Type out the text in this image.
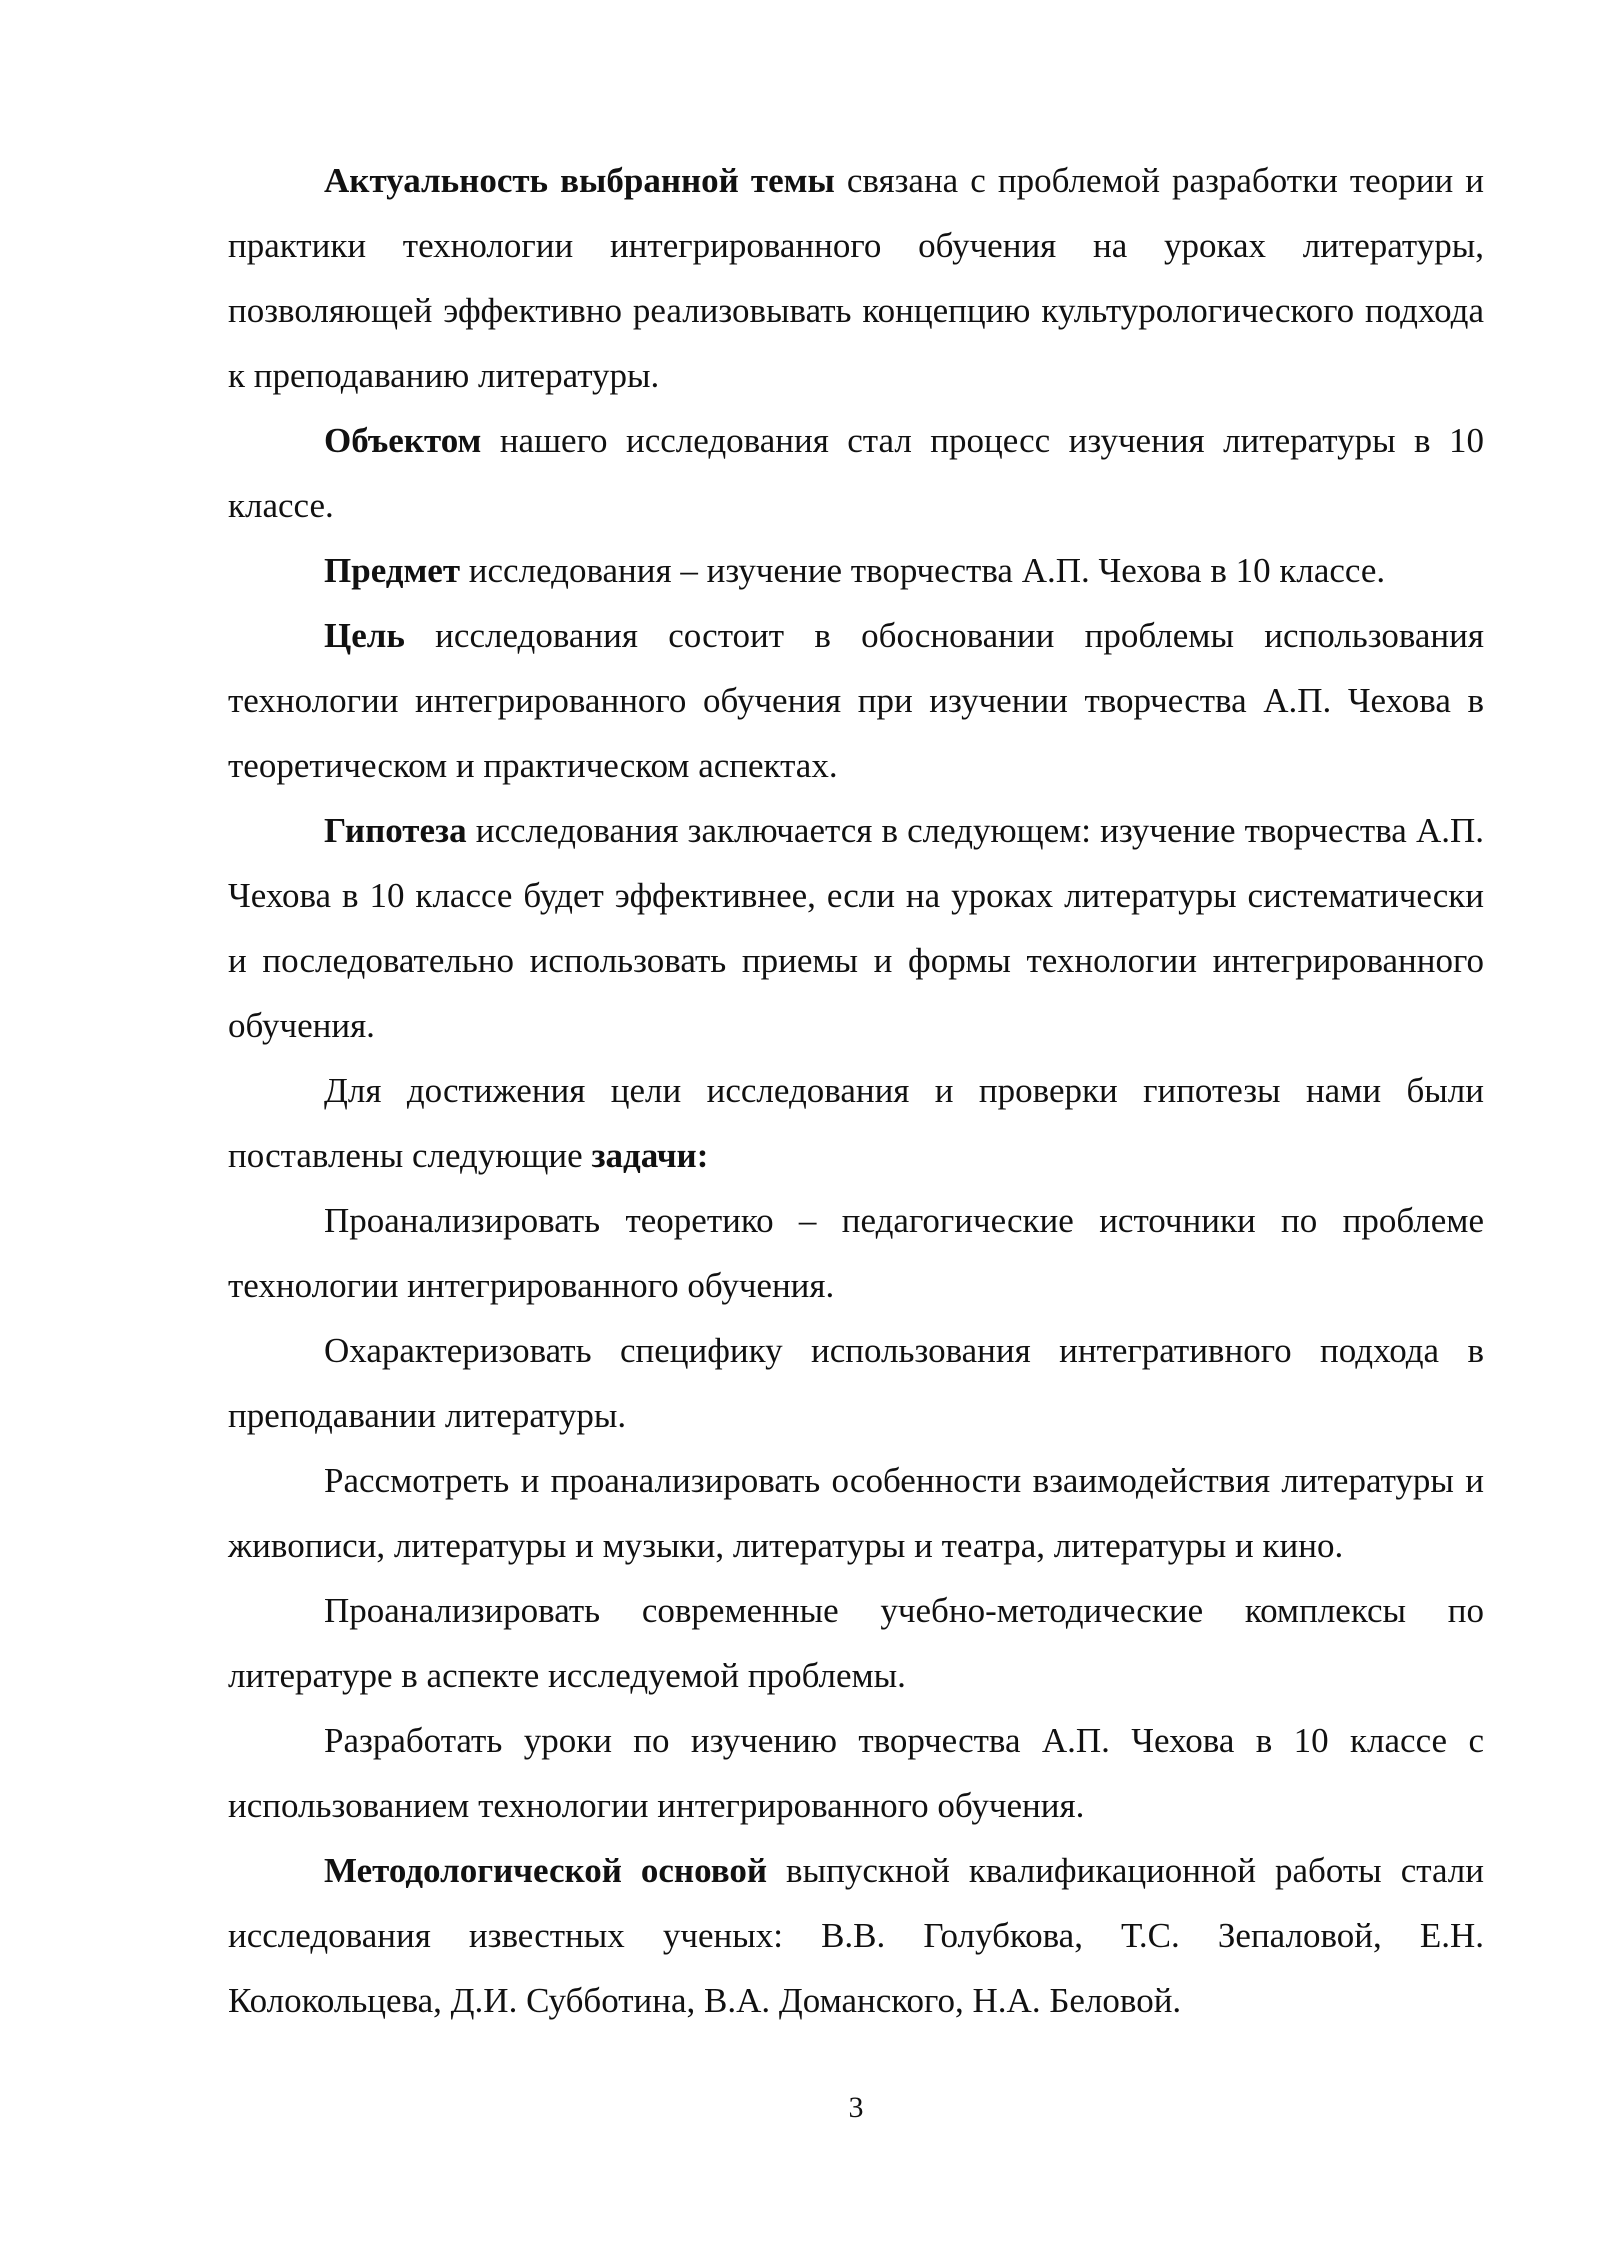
Актуальность выбранной темы связана с проблемой разработки теории и практики технологии интегрированного обучения на уроках литературы, позволяющей эффективно реализовывать концепцию культурологического подхода к преподаванию литературы.

Объектом нашего исследования стал процесс изучения литературы в 10 классе.

Предмет исследования – изучение творчества А.П. Чехова в 10 классе.

Цель исследования состоит в обосновании проблемы использования технологии интегрированного обучения при изучении творчества А.П. Чехова в теоретическом и практическом аспектах.

Гипотеза исследования заключается в следующем: изучение творчества А.П. Чехова в 10 классе будет эффективнее, если на уроках литературы систематически и последовательно использовать приемы и формы технологии интегрированного обучения.

Для достижения цели исследования и проверки гипотезы нами были поставлены следующие задачи:

Проанализировать теоретико – педагогические источники по проблеме технологии интегрированного обучения.

Охарактеризовать специфику использования интегративного подхода в преподавании литературы.

Рассмотреть и проанализировать особенности взаимодействия литературы и живописи, литературы и музыки, литературы и театра, литературы и кино.

Проанализировать современные учебно-методические комплексы по литературе в аспекте исследуемой проблемы.

Разработать уроки по изучению творчества А.П. Чехова в 10 классе с использованием технологии интегрированного обучения.

Методологической основой выпускной квалификационной работы стали исследования известных ученых: В.В. Голубкова, Т.С. Зепаловой, Е.Н. Колокольцева, Д.И. Субботина, В.А. Доманского, Н.А. Беловой.

3
